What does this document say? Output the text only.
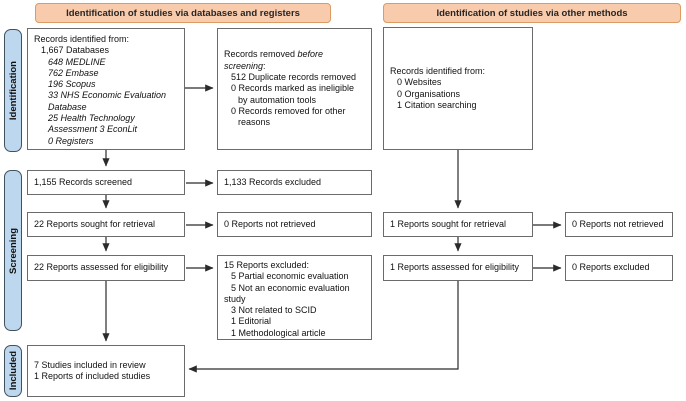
Identification of studies via databases and registers	Identification of studies via other methods
Identification
Screening
Included
Records identified from:
1,667 Databases
648 MEDLINE
762 Embase
196 Scopus
33 NHS Economic Evaluation
Database
25 Health Technology
Assessment 3 EconLit
0 Registers
Records removed before
screening:
512 Duplicate records removed
0 Records marked as ineligible
by automation tools
0 Records removed for other
reasons
Records identified from:
0 Websites
0 Organisations
1 Citation searching
1,155 Records screened	1,133 Records excluded
22 Reports sought for retrieval	0 Reports not retrieved
22 Reports assessed for eligibility	15 Reports excluded:
5 Partial economic evaluation
5 Not an economic evaluation
study
3 Not related to SCID
1 Editorial
1 Methodological article
1 Reports sought for retrieval	0 Reports not retrieved
1 Reports assessed for eligibility	0 Reports excluded
7 Studies included in review
1 Reports of included studies
